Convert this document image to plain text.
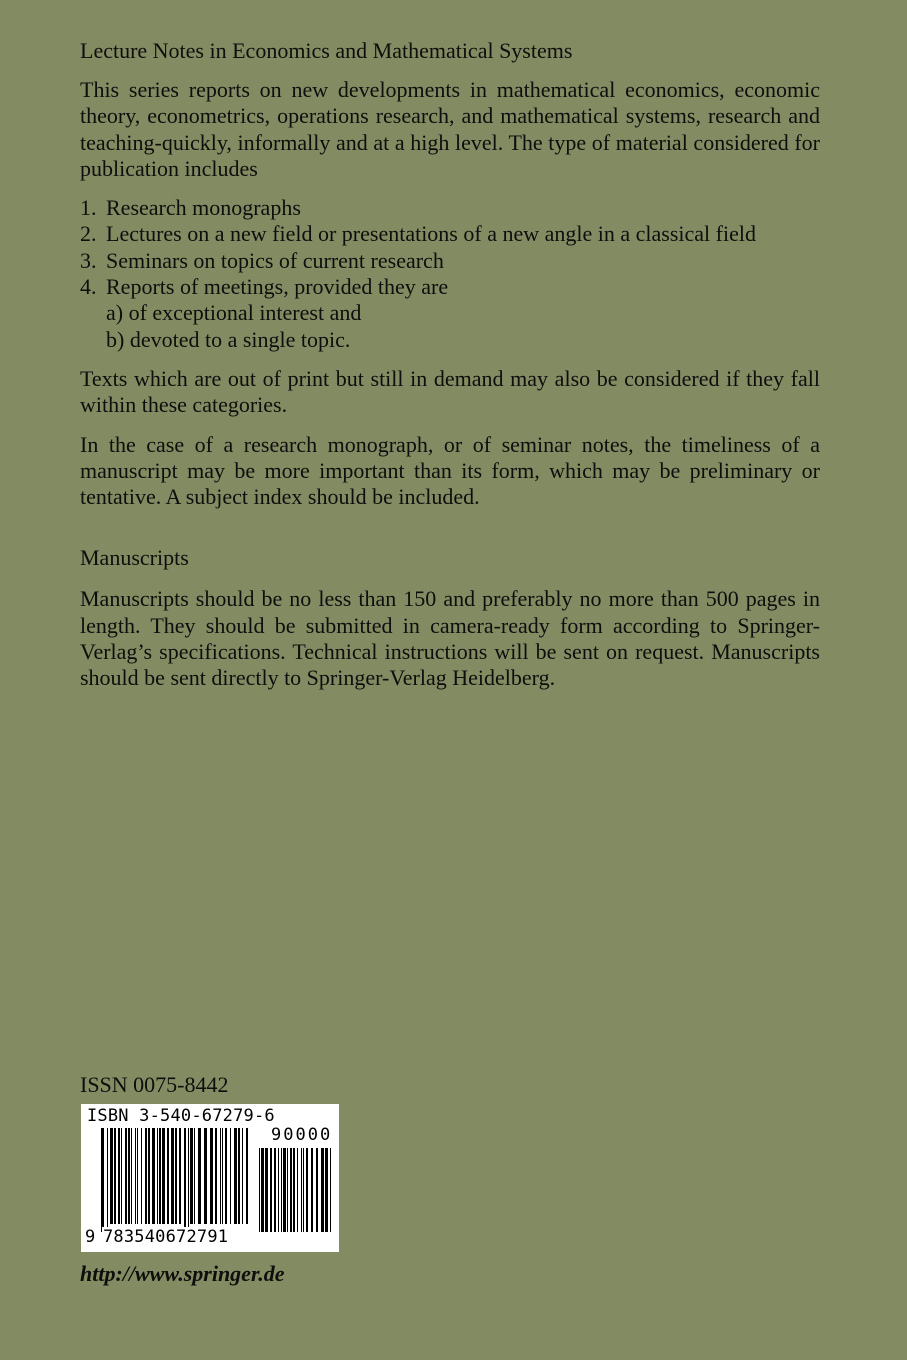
Lecture Notes in Economics and Mathematical Systems

This series reports on new developments in mathematical economics, economic theory, econometrics, operations research, and mathematical systems, research and teaching-quickly, informally and at a high level. The type of material considered for publication includes

1. Research monographs
2. Lectures on a new field or presentations of a new angle in a classical field
3. Seminars on topics of current research
4. Reports of meetings, provided they are
a) of exceptional interest and
b) devoted to a single topic.

Texts which are out of print but still in demand may also be considered if they fall within these categories.

In the case of a research monograph, or of seminar notes, the timeliness of a manuscript may be more important than its form, which may be preliminary or tentative. A subject index should be included.

Manuscripts

Manuscripts should be no less than 150 and preferably no more than 500 pages in length. They should be submitted in camera-ready form according to Springer-Verlag’s specifications. Technical instructions will be sent on request. Manuscripts should be sent directly to Springer-Verlag Heidelberg.

ISSN 0075-8442
ISBN 3-540-67279-6
90000
9 783540672791
http://www.springer.de
